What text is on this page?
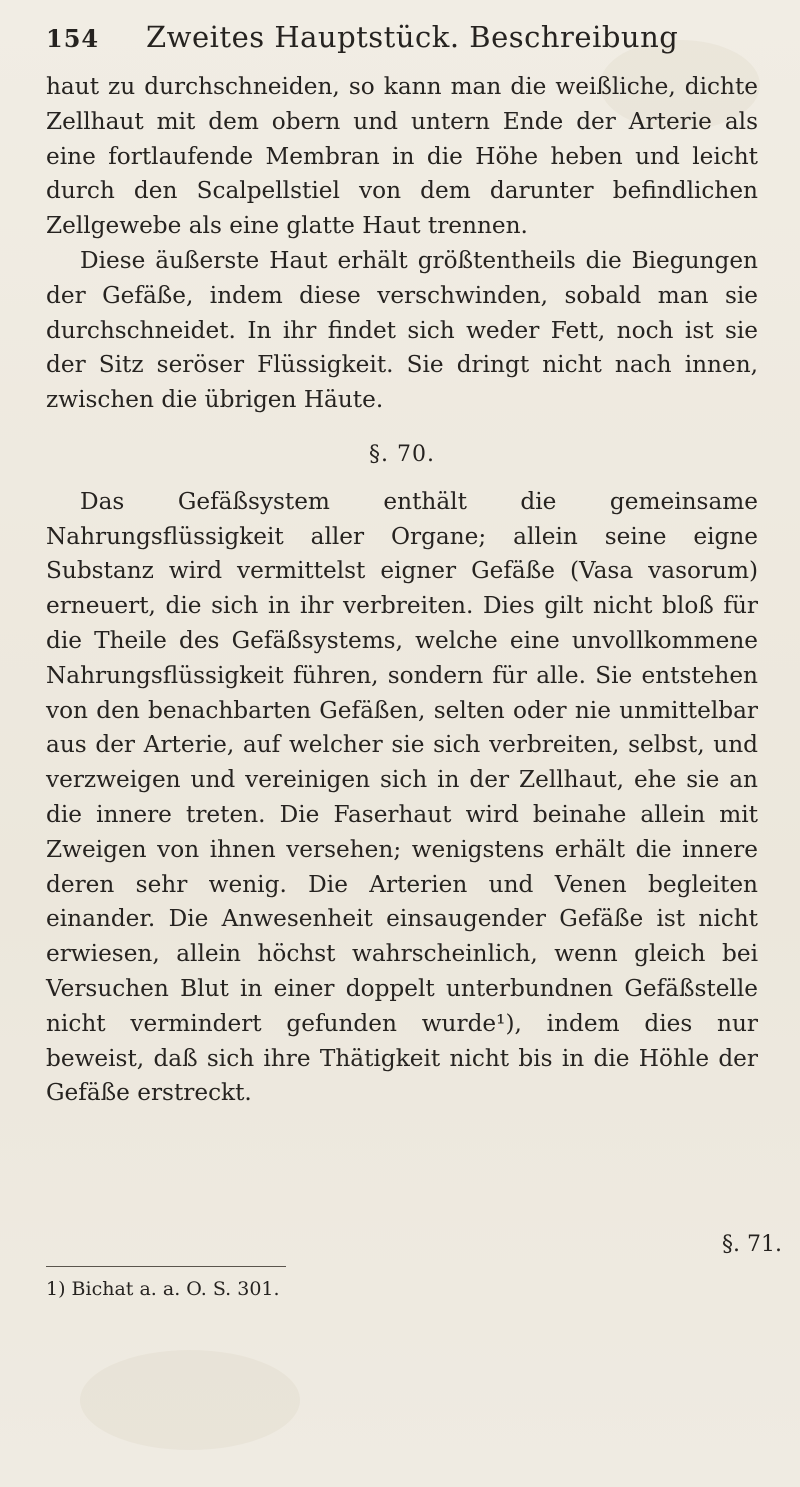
154 Zweites Hauptstück. Beschreibung

haut zu durchschneiden, so kann man die weißliche, dichte Zellhaut mit dem obern und untern Ende der Arterie als eine fortlaufende Membran in die Höhe heben und leicht durch den Scalpellstiel von dem darunter befindlichen Zellgewebe als eine glatte Haut trennen.

Diese äußerste Haut erhält größtentheils die Biegungen der Gefäße, indem diese verschwinden, sobald man sie durchschneidet. In ihr findet sich weder Fett, noch ist sie der Sitz seröser Flüssigkeit. Sie dringt nicht nach innen, zwischen die übrigen Häute.

§. 70.

Das Gefäßsystem enthält die gemeinsame Nahrungsflüssigkeit aller Organe; allein seine eigne Substanz wird vermittelst eigner Gefäße (Vasa vasorum) erneuert, die sich in ihr verbreiten. Dies gilt nicht bloß für die Theile des Gefäßsystems, welche eine unvollkommene Nahrungsflüssigkeit führen, sondern für alle. Sie entstehen von den benachbarten Gefäßen, selten oder nie unmittelbar aus der Arterie, auf welcher sie sich verbreiten, selbst, und verzweigen und vereinigen sich in der Zellhaut, ehe sie an die innere treten. Die Faserhaut wird beinahe allein mit Zweigen von ihnen versehen; wenigstens erhält die innere deren sehr wenig. Die Arterien und Venen begleiten einander. Die Anwesenheit einsaugender Gefäße ist nicht erwiesen, allein höchst wahrscheinlich, wenn gleich bei Versuchen Blut in einer doppelt unterbundnen Gefäßstelle nicht vermindert gefunden wurde¹), indem dies nur beweist, daß sich ihre Thätigkeit nicht bis in die Höhle der Gefäße erstreckt.

§. 71.
1) Bichat a. a. O. S. 301.
